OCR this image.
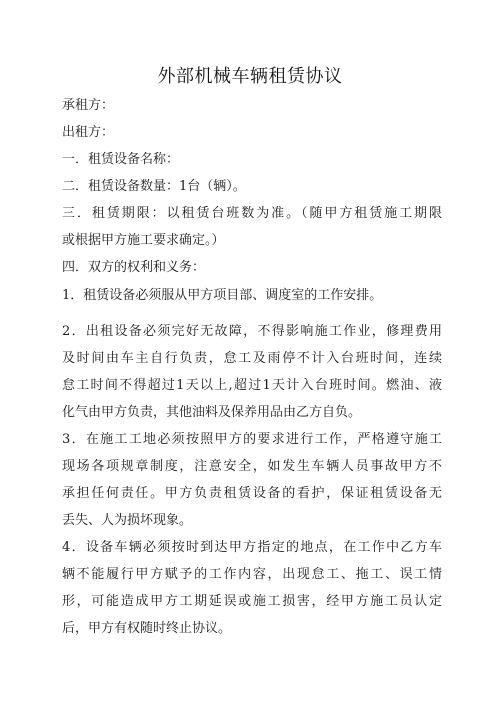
外部机械车辆租赁协议
承租方：
出租方：
一．租赁设备名称：
二．租赁设备数量：1台（辆）。
三．租赁期限：以租赁台班数为准。（随甲方租赁施工期限
或根据甲方施工要求确定。）
四．双方的权利和义务：
1．租赁设备必须服从甲方项目部、调度室的工作安排。
2．出租设备必须完好无故障，不得影响施工作业，修理费用
及时间由车主自行负责，怠工及雨停不计入台班时间，连续
怠工时间不得超过1天以上,超过1天计入台班时间。燃油、液
化气由甲方负责，其他油料及保养用品由乙方自负。
3．在施工工地必须按照甲方的要求进行工作，严格遵守施工
现场各项规章制度，注意安全，如发生车辆人员事故甲方不
承担任何责任。甲方负责租赁设备的看护，保证租赁设备无
丢失、人为损坏现象。
4．设备车辆必须按时到达甲方指定的地点，在工作中乙方车
辆不能履行甲方赋予的工作内容，出现怠工、拖工、误工情
形，可能造成甲方工期延误或施工损害，经甲方施工员认定
后，甲方有权随时终止协议。
